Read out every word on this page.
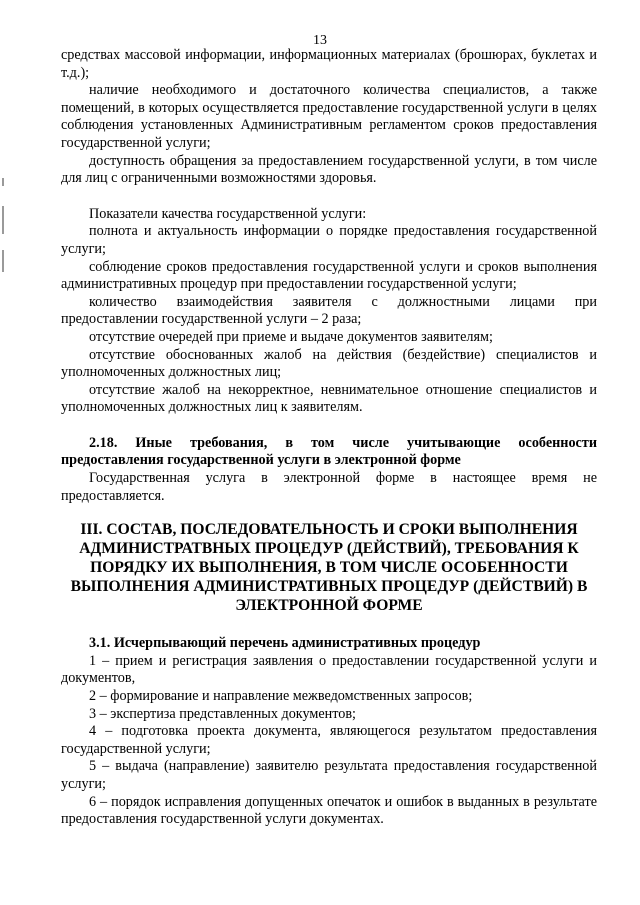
13

средствах массовой информации, информационных материалах (брошюрах, буклетах и т.д.);

наличие необходимого и достаточного количества специалистов, а также помещений, в которых осуществляется предоставление государственной услуги в целях соблюдения установленных Административным регламентом сроков предоставления государственной услуги;

доступность обращения за предоставлением государственной услуги, в том числе для лиц с ограниченными возможностями здоровья.

Показатели качества государственной услуги:

полнота и актуальность информации о порядке предоставления государственной услуги;

соблюдение сроков предоставления государственной услуги и сроков выполнения административных процедур при предоставлении государственной услуги;

количество взаимодействия заявителя с должностными лицами при предоставлении государственной услуги – 2 раза;

отсутствие очередей при приеме и выдаче документов заявителям;

отсутствие обоснованных жалоб на действия (бездействие) специалистов и уполномоченных должностных лиц;

отсутствие жалоб на некорректное, невнимательное отношение специалистов и уполномоченных должностных лиц к заявителям.

2.18. Иные требования, в том числе учитывающие особенности предоставления государственной услуги в электронной форме

Государственная услуга в электронной форме в настоящее время не предоставляется.

III. СОСТАВ, ПОСЛЕДОВАТЕЛЬНОСТЬ И СРОКИ ВЫПОЛНЕНИЯ

АДМИНИСТРАТВНЫХ ПРОЦЕДУР (ДЕЙСТВИЙ), ТРЕБОВАНИЯ К

ПОРЯДКУ ИХ ВЫПОЛНЕНИЯ, В ТОМ ЧИСЛЕ ОСОБЕННОСТИ

ВЫПОЛНЕНИЯ АДМИНИСТРАТИВНЫХ ПРОЦЕДУР (ДЕЙСТВИЙ) В

ЭЛЕКТРОННОЙ ФОРМЕ

3.1. Исчерпывающий перечень административных процедур

1 – прием и регистрация заявления о предоставлении государственной услуги и документов,

2 – формирование и направление межведомственных запросов;

3 – экспертиза представленных документов;

4 – подготовка проекта документа, являющегося результатом предоставления государственной услуги;

5 – выдача (направление) заявителю результата предоставления государственной услуги;

6 – порядок исправления допущенных опечаток и ошибок в выданных в результате предоставления государственной услуги документах.
